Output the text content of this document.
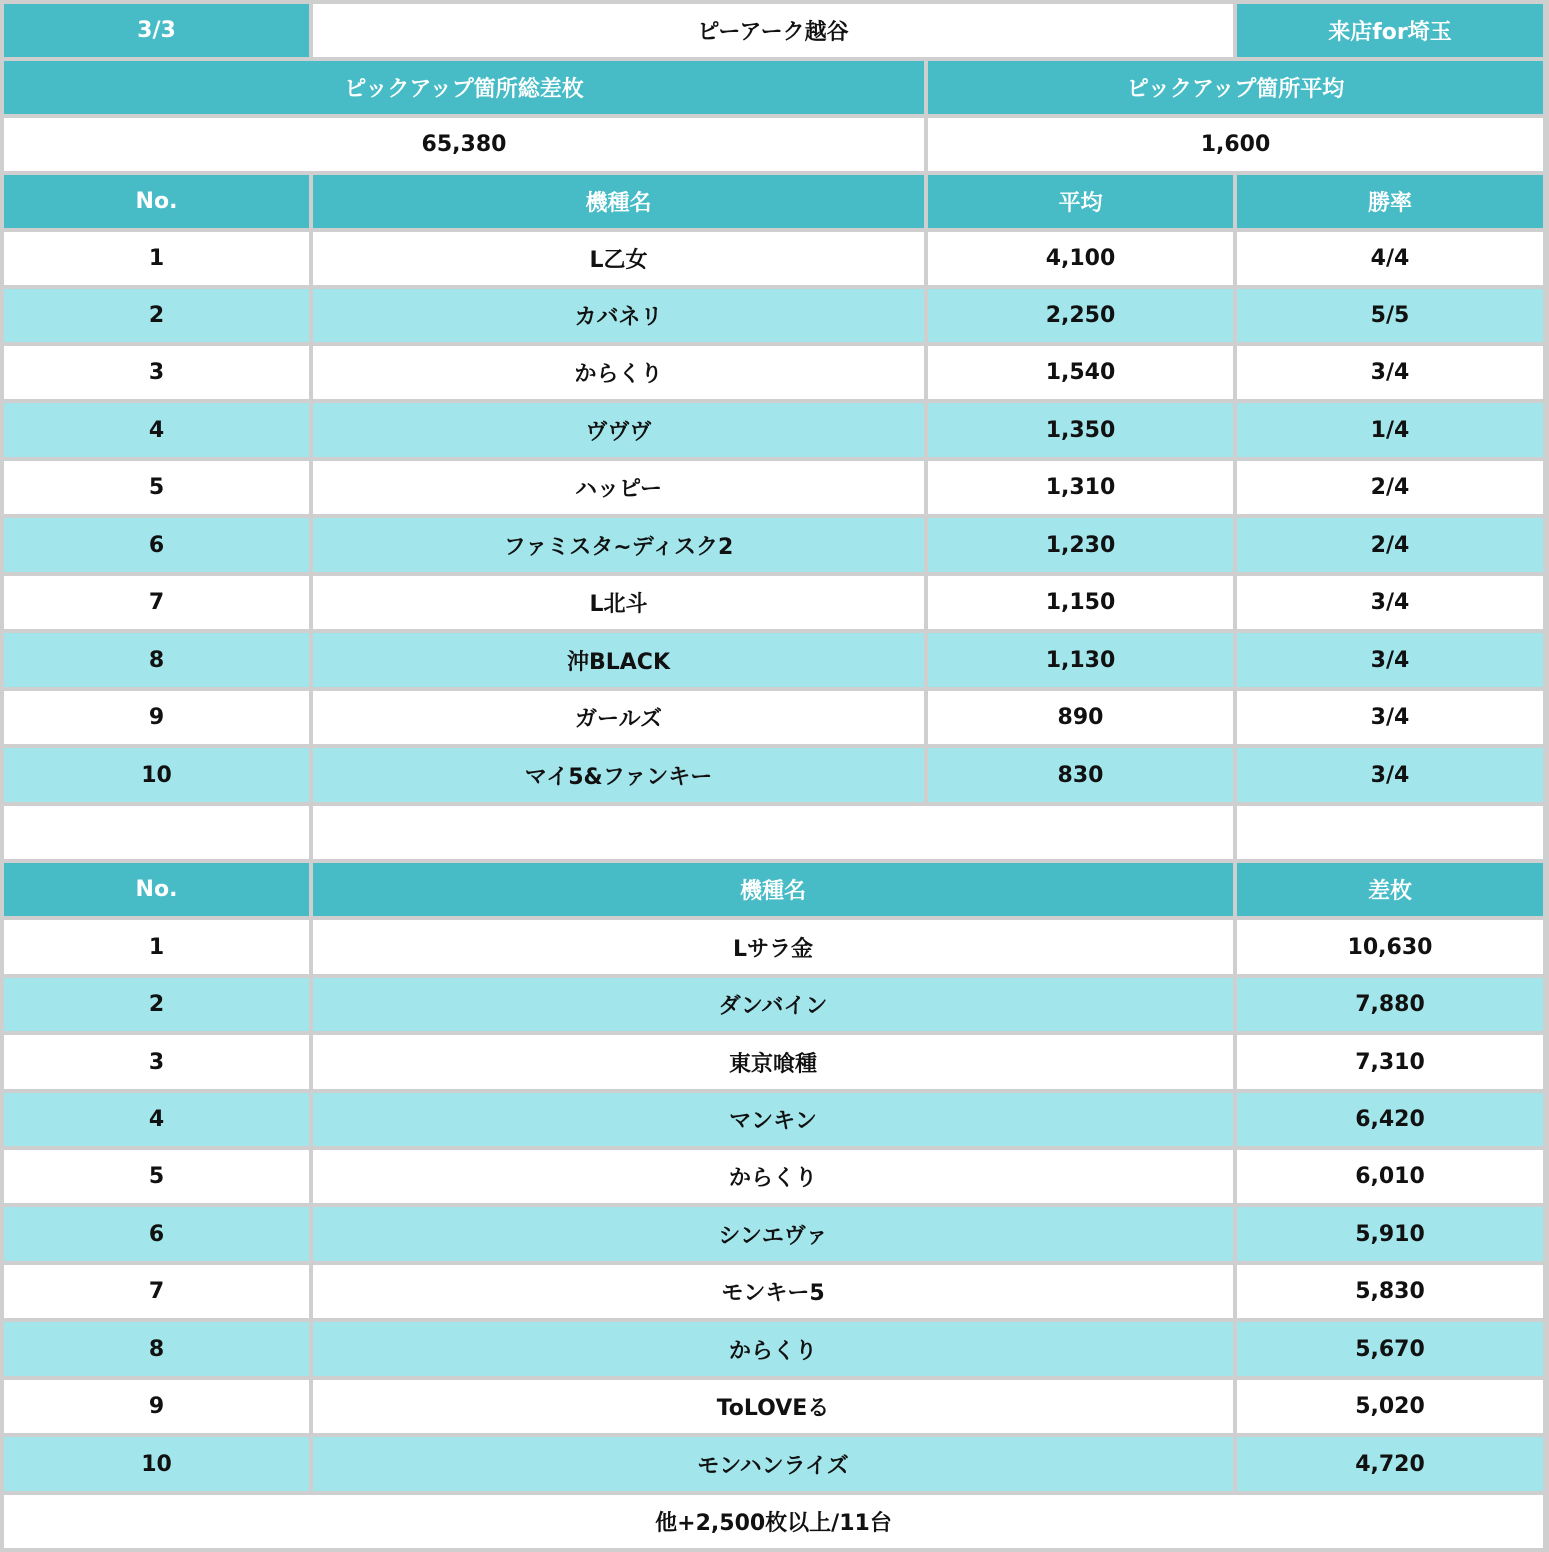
3/3	ピーアーク越谷	来店for埼玉
ピックアップ箇所総差枚	ピックアップ箇所平均
65,380	1,600
No.	機種名	平均	勝率
1	L乙女	4,100	4/4
2	カバネリ	2,250	5/5
3	からくり	1,540	3/4
4	ヴヴヴ	1,350	1/4
5	ハッピー	1,310	2/4
6	ファミスタ~ディスク2	1,230	2/4
7	L北斗	1,150	3/4
8	沖BLACK	1,130	3/4
9	ガールズ	890	3/4
10	マイ5&ファンキー	830	3/4
No.	機種名	差枚
1	Lサラ金	10,630
2	ダンバイン	7,880
3	東京喰種	7,310
4	マンキン	6,420
5	からくり	6,010
6	シンエヴァ	5,910
7	モンキー5	5,830
8	からくり	5,670
9	ToLOVEる	5,020
10	モンハンライズ	4,720
他+2,500枚以上/11台
